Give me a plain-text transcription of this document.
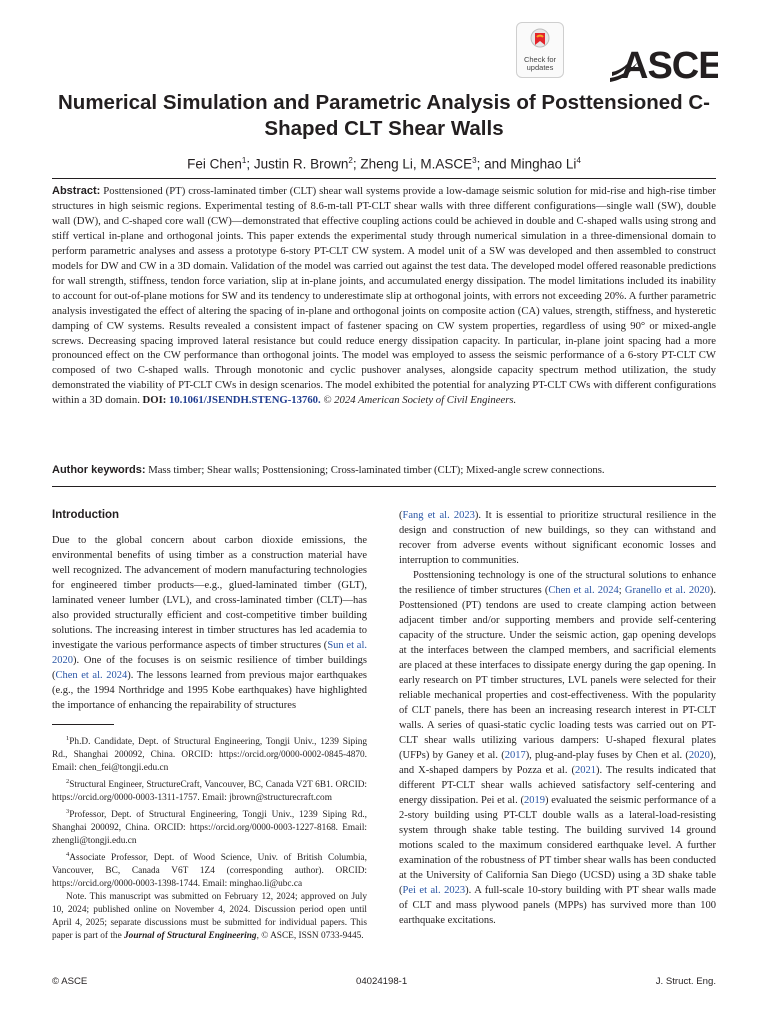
Check for updates ASCE
Numerical Simulation and Parametric Analysis of Posttensioned C-Shaped CLT Shear Walls

Fei Chen$^1$; Justin R. Brown$^2$; Zheng Li, M.ASCE$^3$; and Minghao Li$^4$

Abstract: Posttensioned (PT) cross-laminated timber (CLT) shear wall systems provide a low-damage seismic solution for mid-rise and high-rise timber structures in high seismic regions. Experimental testing of 8.6-m-tall PT-CLT shear walls with three different configurations—single wall (SW), double wall (DW), and C-shaped core wall (CW)—demonstrated that effective coupling actions could be achieved in double and C-shaped walls using strong and stiff vertical in-plane and orthogonal joints. This paper extends the experimental study through numerical simulation in a three-dimensional domain to perform parametric analyses and assess a prototype 6-story PT-CLT CW system. A model unit of a SW was developed and then assembled to construct models for DW and CW in a 3D domain. Validation of the model was carried out against the test data. The developed model offered reasonable predictions for wall strength, stiffness, tendon force variation, slip at in-plane joints, and accumulated energy dissipation. The model limitations included its inability to account for out-of-plane motions for SW and its tendency to underestimate slip at orthogonal joints, with errors not exceeding 20%. A further parametric analysis investigated the effect of altering the spacing of in-plane and orthogonal joints on composite action (CA) values, strength, stiffness, and hysteretic damping of CW systems. Results revealed a consistent impact of fastener spacing on CW system properties, regardless of using 90° or mixed-angle screws. Decreasing spacing improved lateral resistance but could reduce energy dissipation capacity. In particular, in-plane joint spacing had a more pronounced effect on the CW performance than orthogonal joints. The model was employed to assess the seismic performance of a 6-story PT-CLT CW composed of two C-shaped walls. Through monotonic and cyclic pushover analyses, alongside capacity spectrum method utilization, the study demonstrated the viability of PT-CLT CWs in design scenarios. The model exhibited the potential for analyzing PT-CLT CWs with different configurations within a 3D domain. DOI: 10.1061/JSENDH.STENG-13760. © 2024 American Society of Civil Engineers.

Author keywords: Mass timber; Shear walls; Posttensioning; Cross-laminated timber (CLT); Mixed-angle screw connections.

Introduction

Due to the global concern about carbon dioxide emissions, the environmental benefits of using timber as a construction material have well recognized. The advancement of modern manufacturing technologies for engineered timber products—e.g., glued-laminated timber (GLT), laminated veneer lumber (LVL), and cross-laminated timber (CLT)—has also provided structurally efficient and cost-competitive timber building solutions. The increasing interest in timber structures has led academia to investigate the various performance aspects of timber structures (Sun et al. 2020). One of the focuses is on seismic resilience of timber buildings (Chen et al. 2024). The lessons learned from previous major earthquakes (e.g., the 1994 Northridge and 1995 Kobe earthquakes) have highlighted the importance of enhancing the repairability of structures

$^1$Ph.D. Candidate, Dept. of Structural Engineering, Tongji Univ., 1239 Siping Rd., Shanghai 200092, China. ORCID: https://orcid.org/0000-0002-0845-4870. Email: chen_fei@tongji.edu.cn

$^2$Structural Engineer, StructureCraft, Vancouver, BC, Canada V2T 6B1. ORCID: https://orcid.org/0000-0003-1311-1757. Email: jbrown@structurecraft.com

$^3$Professor, Dept. of Structural Engineering, Tongji Univ., 1239 Siping Rd., Shanghai 200092, China. ORCID: https://orcid.org/0000-0003-1227-8168. Email: zhengli@tongji.edu.cn

$^4$Associate Professor, Dept. of Wood Science, Univ. of British Columbia, Vancouver, BC, Canada V6T 1Z4 (corresponding author). ORCID: https://orcid.org/0000-0003-1398-1744. Email: minghao.li@ubc.ca

Note. This manuscript was submitted on February 12, 2024; approved on July 10, 2024; published online on November 4, 2024. Discussion period open until April 4, 2025; separate discussions must be submitted for individual papers. This paper is part of the Journal of Structural Engineering, © ASCE, ISSN 0733-9445.

(Fang et al. 2023). It is essential to prioritize structural resilience in the design and construction of new buildings, so they can withstand and recover from adverse events without significant economic losses and interruption to communities.

Posttensioning technology is one of the structural solutions to enhance the resilience of timber structures (Chen et al. 2024; Granello et al. 2020). Posttensioned (PT) tendons are used to create clamping action between adjacent timber and/or supporting members and provide self-centering capacity of the structure. Under the seismic action, gap opening develops at the interfaces between the clamped members, and sacrificial elements are placed at these interfaces to dissipate energy during the gap opening. In early research on PT timber structures, LVL panels were selected for their reliable mechanical properties and cost-effectiveness. With the popularity of CLT panels, there has been an increasing research interest in PT-CLT walls. A series of quasi-static cyclic loading tests was carried out on PT-CLT shear walls utilizing various dampers: U-shaped flexural plates (UFPs) by Ganey et al. (2017), plug-and-play fuses by Chen et al. (2020), and X-shaped dampers by Pozza et al. (2021). The results indicated that different PT-CLT shear walls achieved satisfactory self-centering and energy dissipation. Pei et al. (2019) evaluated the seismic performance of a 2-story building using PT-CLT double walls as a lateral-load-resisting system through shake table testing. The building survived 14 ground motions scaled to the maximum considered earthquake level. A further examination of the robustness of PT timber shear walls has been conducted at the University of California San Diego (UCSD) using a 3D shake table (Pei et al. 2023). A full-scale 10-story building with PT shear walls made of CLT and mass plywood panels (MPPs) has survived more than 100 earthquake excitations.

© ASCE	04024198-1	J. Struct. Eng.
